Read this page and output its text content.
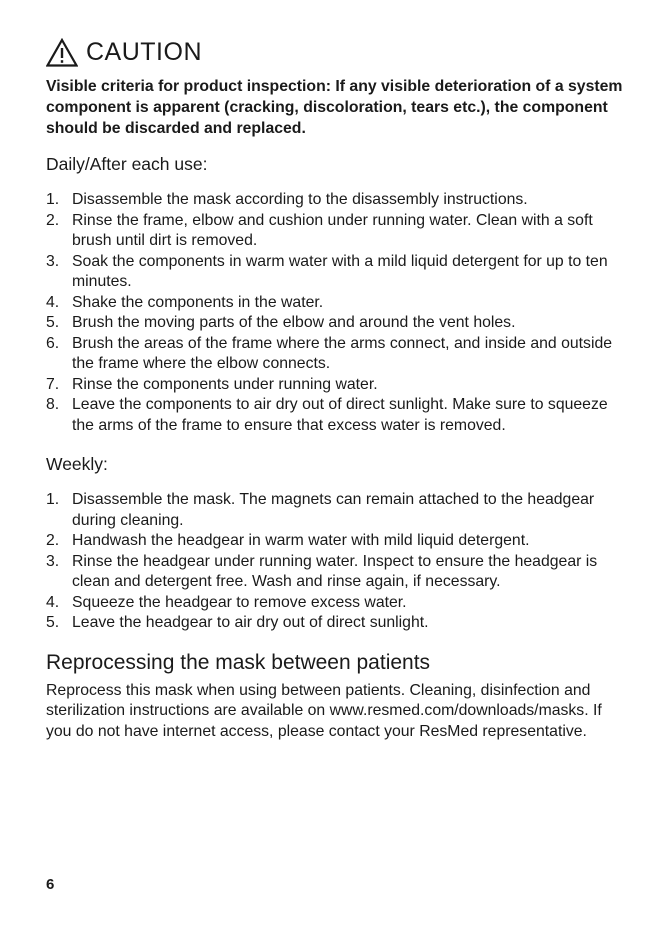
CAUTION
Visible criteria for product inspection: If any visible deterioration of a system component is apparent (cracking, discoloration, tears etc.), the component should be discarded and replaced.
Daily/After each use:
1. Disassemble the mask according to the disassembly instructions.
2. Rinse the frame, elbow and cushion under running water. Clean with a soft brush until dirt is removed.
3. Soak the components in warm water with a mild liquid detergent for up to ten minutes.
4. Shake the components in the water.
5. Brush the moving parts of the elbow and around the vent holes.
6. Brush the areas of the frame where the arms connect, and inside and outside the frame where the elbow connects.
7. Rinse the components under running water.
8. Leave the components to air dry out of direct sunlight. Make sure to squeeze the arms of the frame to ensure that excess water is removed.
Weekly:
1. Disassemble the mask. The magnets can remain attached to the headgear during cleaning.
2. Handwash the headgear in warm water with mild liquid detergent.
3. Rinse the headgear under running water. Inspect to ensure the headgear is clean and detergent free. Wash and rinse again, if necessary.
4. Squeeze the headgear to remove excess water.
5. Leave the headgear to air dry out of direct sunlight.
Reprocessing the mask between patients
Reprocess this mask when using between patients. Cleaning, disinfection and sterilization instructions are available on www.resmed.com/downloads/masks. If you do not have internet access, please contact your ResMed representative.
6
